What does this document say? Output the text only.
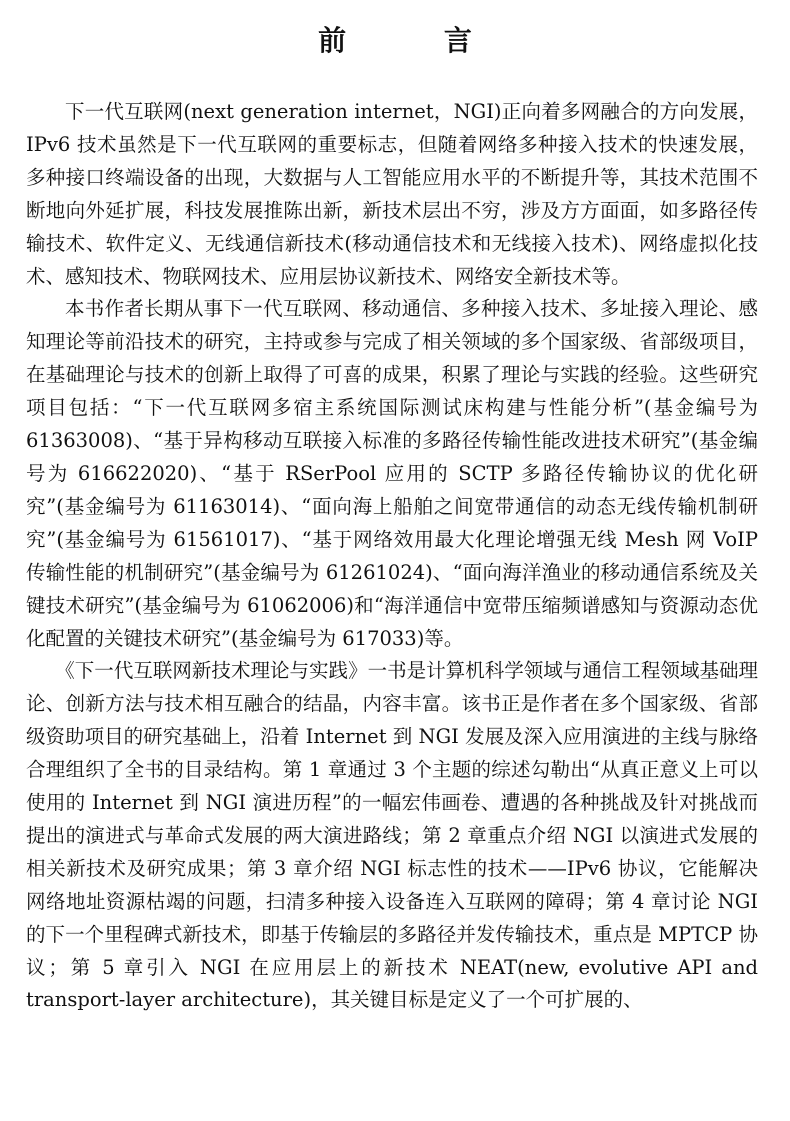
前 言

下一代互联网(next generation internet，NGI)正向着多网融合的方向发展，IPv6 技术虽然是下一代互联网的重要标志，但随着网络多种接入技术的快速发展，多种接口终端设备的出现，大数据与人工智能应用水平的不断提升等，其技术范围不断地向外延扩展，科技发展推陈出新，新技术层出不穷，涉及方方面面，如多路径传输技术、软件定义、无线通信新技术(移动通信技术和无线接入技术)、网络虚拟化技术、感知技术、物联网技术、应用层协议新技术、网络安全新技术等。

本书作者长期从事下一代互联网、移动通信、多种接入技术、多址接入理论、感知理论等前沿技术的研究，主持或参与完成了相关领域的多个国家级、省部级项目，在基础理论与技术的创新上取得了可喜的成果，积累了理论与实践的经验。这些研究项目包括：“下一代互联网多宿主系统国际测试床构建与性能分析”(基金编号为 61363008)、“基于异构移动互联接入标准的多路径传输性能改进技术研究”(基金编号为 616622020)、“基于 RSerPool 应用的 SCTP 多路径传输协议的优化研究”(基金编号为 61163014)、“面向海上船舶之间宽带通信的动态无线传输机制研究”(基金编号为 61561017)、“基于网络效用最大化理论增强无线 Mesh 网 VoIP 传输性能的机制研究”(基金编号为 61261024)、“面向海洋渔业的移动通信系统及关键技术研究”(基金编号为 61062006)和“海洋通信中宽带压缩频谱感知与资源动态优化配置的关键技术研究”(基金编号为 617033)等。

《下一代互联网新技术理论与实践》一书是计算机科学领域与通信工程领域基础理论、创新方法与技术相互融合的结晶，内容丰富。该书正是作者在多个国家级、省部级资助项目的研究基础上，沿着 Internet 到 NGI 发展及深入应用演进的主线与脉络合理组织了全书的目录结构。第 1 章通过 3 个主题的综述勾勒出“从真正意义上可以使用的 Internet 到 NGI 演进历程”的一幅宏伟画卷、遭遇的各种挑战及针对挑战而提出的演进式与革命式发展的两大演进路线；第 2 章重点介绍 NGI 以演进式发展的相关新技术及研究成果；第 3 章介绍 NGI 标志性的技术——IPv6 协议，它能解决网络地址资源枯竭的问题，扫清多种接入设备连入互联网的障碍；第 4 章讨论 NGI 的下一个里程碑式新技术，即基于传输层的多路径并发传输技术，重点是 MPTCP 协议；第 5 章引入 NGI 在应用层上的新技术 NEAT(new, evolutive API and transport-layer architecture)，其关键目标是定义了一个可扩展的、
